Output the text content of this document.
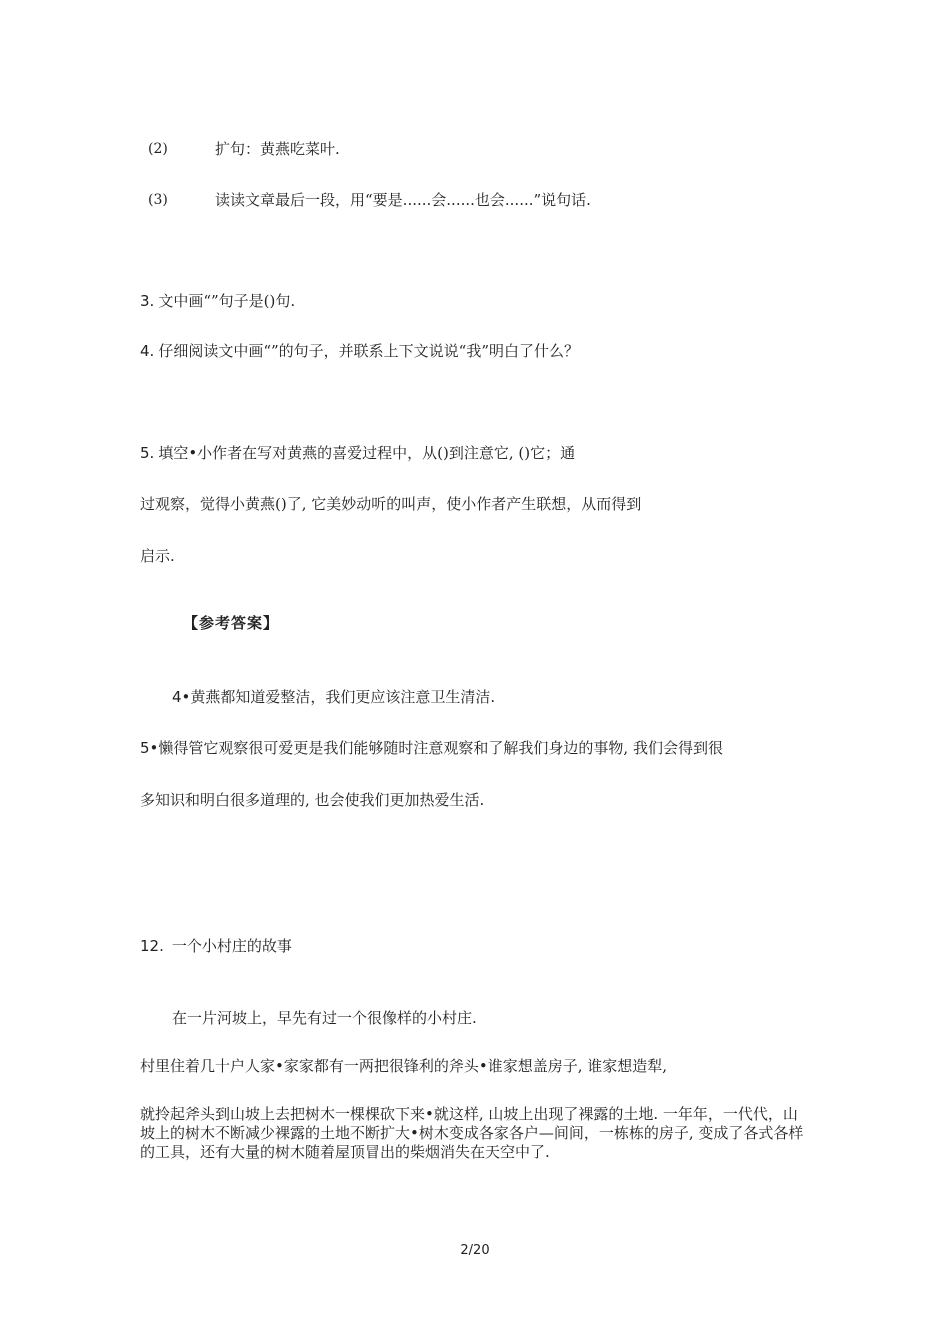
(2)	扩句：黄燕吃菜叶.
(3)	读读文章最后一段，用“要是......会......也会......”说句话.
3. 文中画“”句子是()句.
4. 仔细阅读文中画“”的句子，并联系上下文说说“我”明白了什么？
5. 填空•小作者在写对黄燕的喜爱过程中，从()到注意它, ()它；通
过观察，觉得小黄燕()了, 它美妙动听的叫声，使小作者产生联想，从而得到
启示.
【参考答案】
4•黄燕都知道爱整洁，我们更应该注意卫生清洁.
5•懒得管它观察很可爱更是我们能够随时注意观察和了解我们身边的事物, 我们会得到很
多知识和明白很多道理的, 也会使我们更加热爱生活.
12. 一个小村庄的故事
在一片河坡上，早先有过一个很像样的小村庄.
村里住着几十户人家•家家都有一两把很锋利的斧头•谁家想盖房子, 谁家想造犁,
就拎起斧头到山坡上去把树木一棵棵砍下来•就这样, 山坡上出现了裸露的土地. 一年年，一代代，山坡上的树木不断减少裸露的土地不断扩大•树木变成各家各户—间间，一栋栋的房子, 变成了各式各样的工具，还有大量的树木随着屋顶冒出的柴烟消失在天空中了.
2/20
